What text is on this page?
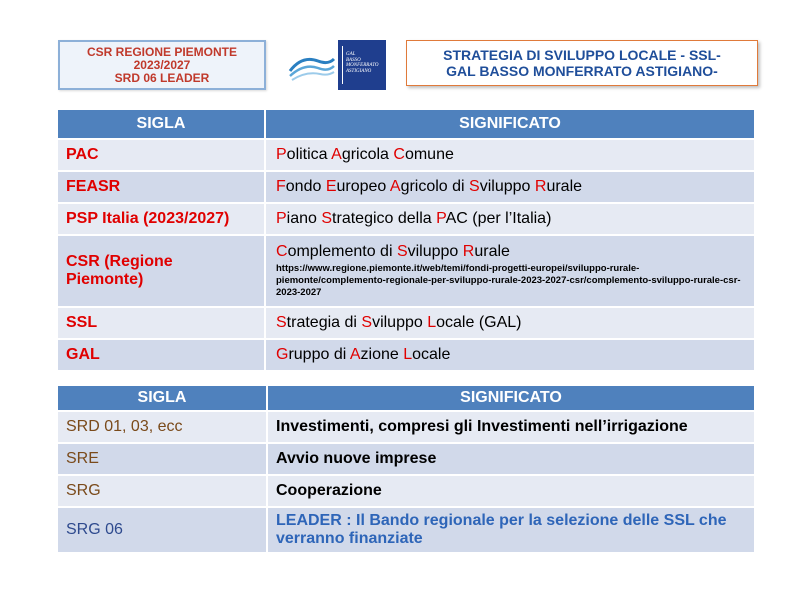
CSR REGIONE PIEMONTE
2023/2027
SRD 06 LEADER
GAL
BASSO
MONFERRATO
ASTIGIANO
STRATEGIA DI SVILUPPO LOCALE - SSL-
GAL BASSO MONFERRATO ASTIGIANO-
SIGLA	SIGNIFICATO
PAC	Politica Agricola Comune
FEASR	Fondo Europeo Agricolo di Sviluppo Rurale
PSP Italia (2023/2027)	Piano Strategico della PAC (per l’Italia)
CSR (Regione Piemonte)	Complemento di Sviluppo Rurale
https://www.regione.piemonte.it/web/temi/fondi-progetti-europei/sviluppo-rurale-piemonte/complemento-regionale-per-sviluppo-rurale-2023-2027-csr/complemento-sviluppo-rurale-csr-2023-2027

SSL	Strategia di Sviluppo Locale (GAL)
GAL	Gruppo di Azione Locale
SIGLA	SIGNIFICATO
SRD 01, 03, ecc	Investimenti, compresi gli Investimenti nell’irrigazione
SRE	Avvio nuove imprese
SRG	Cooperazione
SRG 06	LEADER : Il Bando regionale per la selezione delle SSL che verranno finanziate
